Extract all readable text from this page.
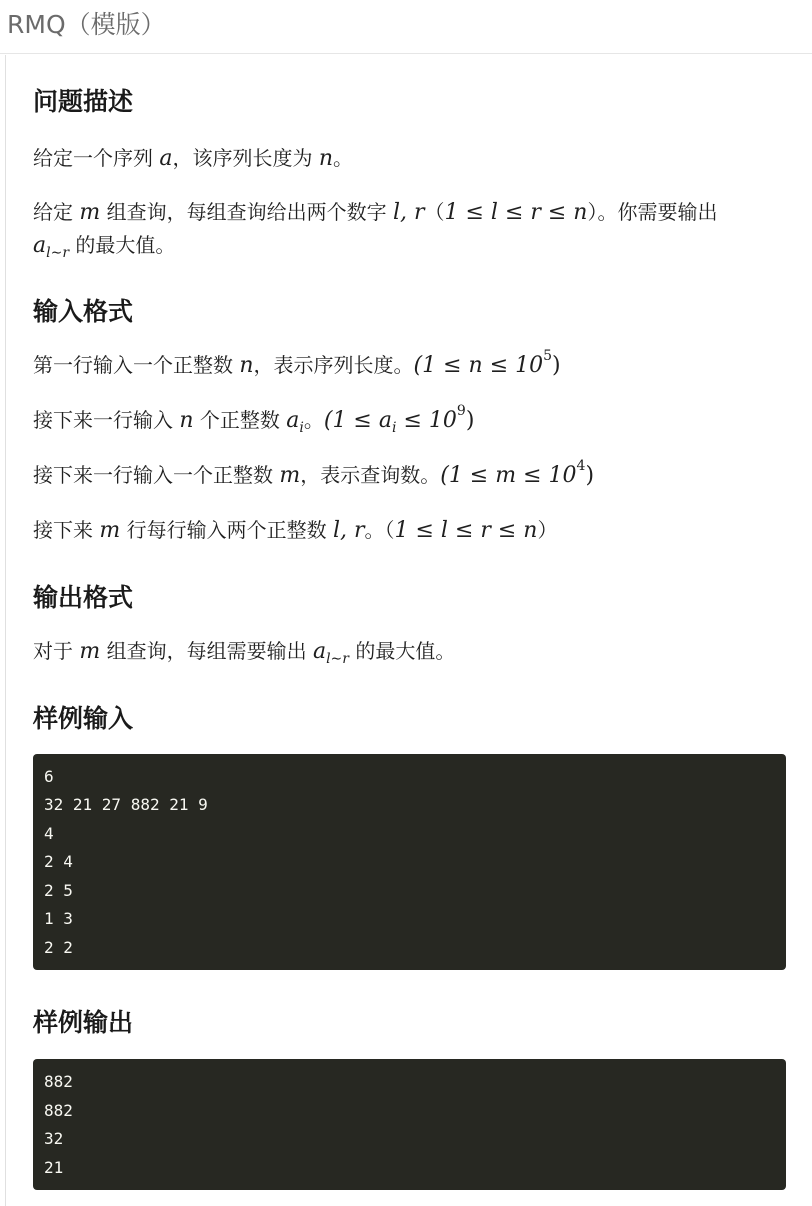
RMQ（模版）
问题描述

给定一个序列 a，该序列长度为 n。

给定 m 组查询，每组查询给出两个数字 l, r（1 ≤ l ≤ r ≤ n）。你需要输出

$a_{l\sim r}$ 的最大值。

输入格式

第一行输入一个正整数 n，表示序列长度。$(1 \le n \le 10^5)$

接下来一行输入 n 个正整数 $a_i$。$(1 \le a_i \le 10^9)$

接下来一行输入一个正整数 m，表示查询数。$(1 \le m \le 10^4)$

接下来 m 行每行输入两个正整数 l, r。（1 ≤ l ≤ r ≤ n）

输出格式

对于 m 组查询，每组需要输出 $a_{l\sim r}$ 的最大值。

样例输入
6
32 21 27 882 21 9
4
2 4
2 5
1 3
2 2
样例输出
882
882
32
21
